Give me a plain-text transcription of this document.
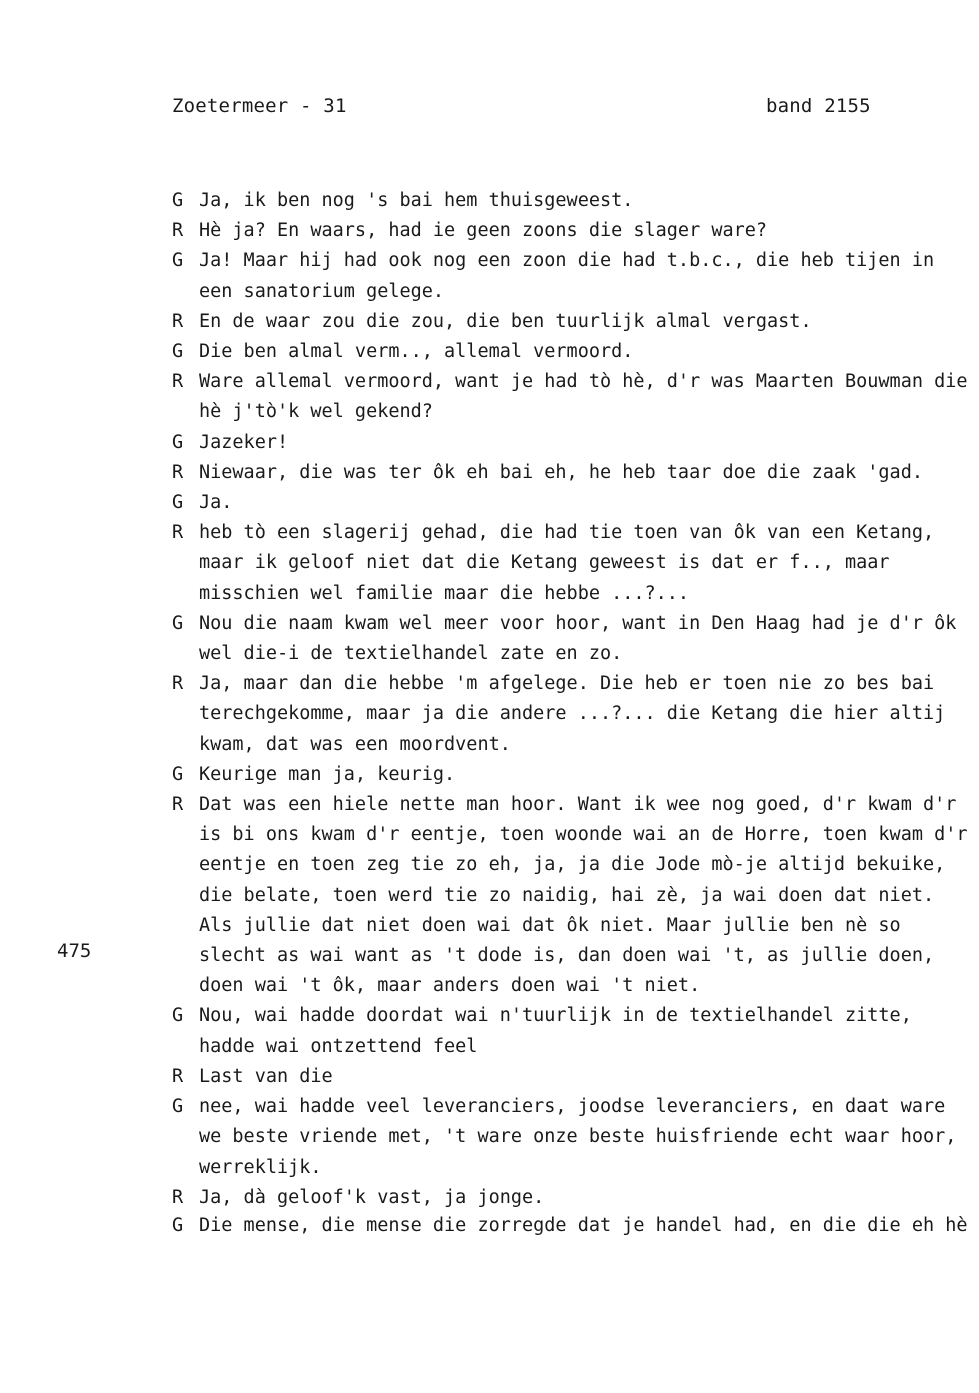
Zoetermeer - 31	band 2155
475
G Ja, ik ben nog 's bai hem thuisgeweest.
R Hè ja? En waars, had ie geen zoons die slager ware?
G Ja! Maar hij had ook nog een zoon die had t.b.c., die heb tijen in een sanatorium gelege.
R En de waar zou die zou, die ben tuurlijk almal vergast.
G Die ben almal verm.., allemal vermoord.
R Ware allemal vermoord, want je had tò hè, d'r was Maarten Bouwman die hè j'tò'k wel gekend?
G Jazeker!
R Niewaar, die was ter ôk eh bai eh, he heb taar doe die zaak 'gad.
G Ja.
R heb tò een slagerij gehad, die had tie toen van ôk van een Ketang, maar ik geloof niet dat die Ketang geweest is dat er f.., maar misschien wel familie maar die hebbe ...?...
G Nou die naam kwam wel meer voor hoor, want in Den Haag had je d'r ôk wel die-i de textielhandel zate en zo.
R Ja, maar dan die hebbe 'm afgelege. Die heb er toen nie zo bes bai terechgekomme, maar ja die andere ...?... die Ketang die hier altij kwam, dat was een moordvent.
G Keurige man ja, keurig.
R Dat was een hiele nette man hoor. Want ik wee nog goed, d'r kwam d'r is bi ons kwam d'r eentje, toen woonde wai an de Horre, toen kwam d'r eentje en toen zeg tie zo eh, ja, ja die Jode mò-je altijd bekuike, die belate, toen werd tie zo naidig, hai zè, ja wai doen dat niet. Als jullie dat niet doen wai dat ôk niet. Maar jullie ben nè so slecht as wai want as 't dode is, dan doen wai 't, as jullie doen, doen wai 't ôk, maar anders doen wai 't niet.
G Nou, wai hadde doordat wai n'tuurlijk in de textielhandel zitte, hadde wai ontzettend feel
R Last van die
G nee, wai hadde veel leveranciers, joodse leveranciers, en daat ware we beste vriende met, 't ware onze beste huisfriende echt waar hoor, werreklijk.
R Ja, dà geloof'k vast, ja jonge.
G Die mense, die mense die zorregde dat je handel had, en die die eh hè
